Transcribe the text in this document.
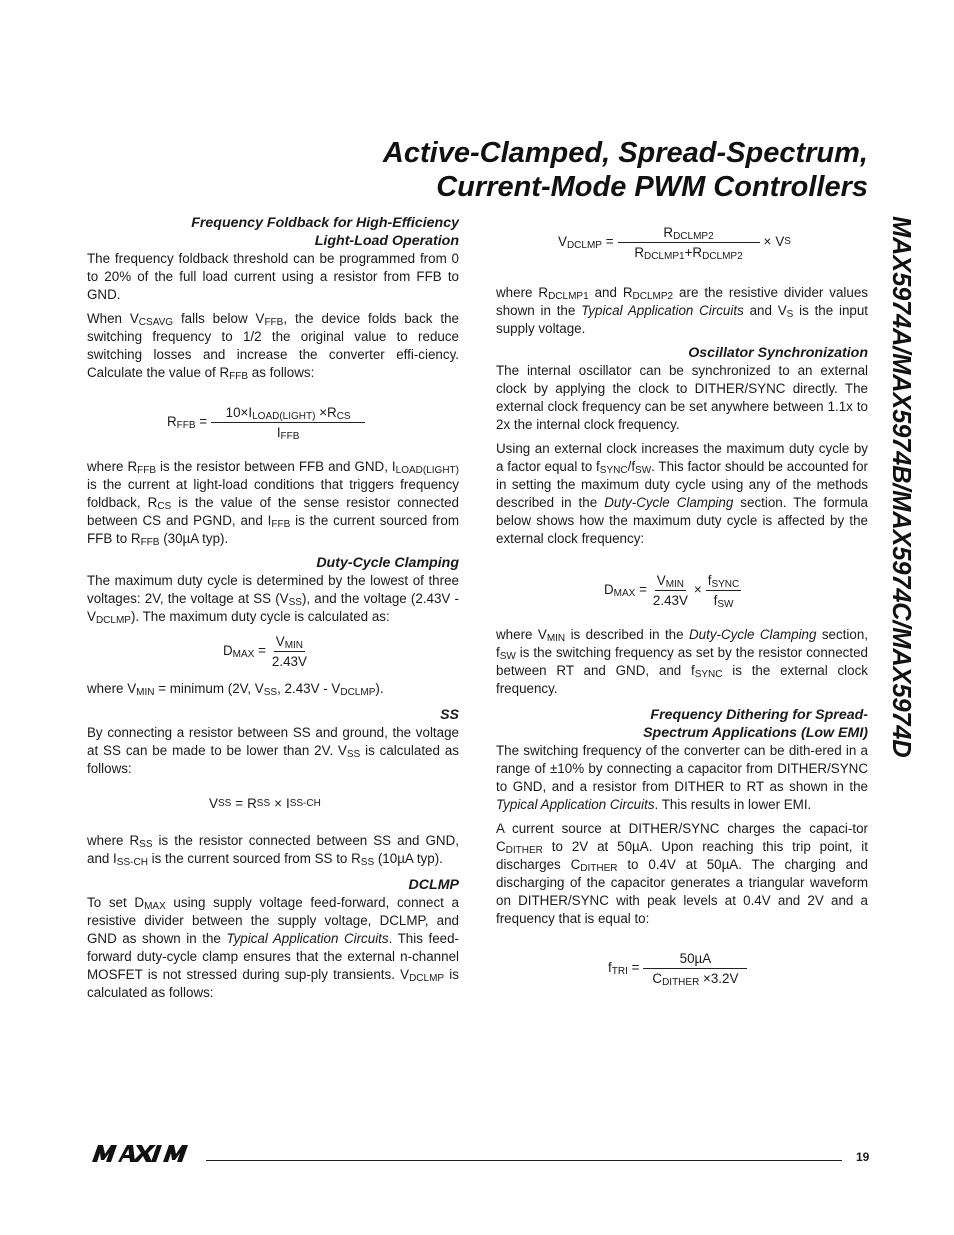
Active-Clamped, Spread-Spectrum,
Current-Mode PWM Controllers
MAX5974A/MAX5974B/MAX5974C/MAX5974D
Frequency Foldback for High-Efficiency
Light-Load Operation

The frequency foldback threshold can be programmed from 0 to 20% of the full load current using a resistor from FFB to GND.

When $V_{CSAVG}$ falls below $V_{FFB}$, the device folds back the switching frequency to 1/2 the original value to reduce switching losses and increase the converter effi-ciency. Calculate the value of $R_{FFB}$ as follows:

$R_{FFB} = \frac{10\times I_{LOAD(LIGHT)} \times R_{CS}}{I_{FFB}}$

where $R_{FFB}$ is the resistor between FFB and GND, $I_{LOAD(LIGHT)}$ is the current at light-load conditions that triggers frequency foldback, $R_{CS}$ is the value of the sense resistor connected between CS and PGND, and $I_{FFB}$ is the current sourced from FFB to $R_{FFB}$ (30µA typ).

Duty-Cycle Clamping

The maximum duty cycle is determined by the lowest of three voltages: 2V, the voltage at SS $(V_{SS})$, and the voltage $(2.43V - V_{DCLMP})$. The maximum duty cycle is calculated as:

$D_{MAX} = \frac{V_{MIN}}{2.43V}$

where $V_{MIN}$ = minimum (2V, $V_{SS}$, $2.43V - V_{DCLMP}$).

SS

By connecting a resistor between SS and ground, the voltage at SS can be made to be lower than 2V. $V_{SS}$ is calculated as follows:

V SS = R SS × I SS-CH

where $R_{SS}$ is the resistor connected between SS and GND, and $I_{SS-CH}$ is the current sourced from SS to $R_{SS}$ (10µA typ).

DCLMP

To set $D_{MAX}$ using supply voltage feed-forward, connect a resistive divider between the supply voltage, DCLMP, and GND as shown in the Typical Application Circuits. This feed-forward duty-cycle clamp ensures that the external n-channel MOSFET is not stressed during sup-ply transients. $V_{DCLMP}$ is calculated as follows:

$V_{DCLMP} = \frac{R_{DCLMP2}}{R_{DCLMP1}+R_{DCLMP2}} \times V$ S

where $R_{DCLMP1}$ and $R_{DCLMP2}$ are the resistive divider values shown in the Typical Application Circuits and $V_S$ is the input supply voltage.

Oscillator Synchronization

The internal oscillator can be synchronized to an external clock by applying the clock to DITHER/SYNC directly. The external clock frequency can be set anywhere between 1.1x to 2x the internal clock frequency.

Using an external clock increases the maximum duty cycle by a factor equal to $f_{SYNC}/f_{SW}$. This factor should be accounted for in setting the maximum duty cycle using any of the methods described in the Duty-Cycle Clamping section. The formula below shows how the maximum duty cycle is affected by the external clock frequency:

$D_{MAX} = \frac{V_{MIN}}{2.43V} \times \frac{f_{SYNC}}{f_{SW}}$

where $V_{MIN}$ is described in the Duty-Cycle Clamping section, $f_{SW}$ is the switching frequency as set by the resistor connected between RT and GND, and $f_{SYNC}$ is the external clock frequency.

Frequency Dithering for Spread-
Spectrum Applications (Low EMI)

The switching frequency of the converter can be dith-ered in a range of ±10% by connecting a capacitor from DITHER/SYNC to GND, and a resistor from DITHER to RT as shown in the Typical Application Circuits. This results in lower EMI.

A current source at DITHER/SYNC charges the capaci-tor $C_{DITHER}$ to 2V at 50µA. Upon reaching this trip point, it discharges $C_{DITHER}$ to 0.4V at 50µA. The charging and discharging of the capacitor generates a triangular waveform on DITHER/SYNC with peak levels at 0.4V and 2V and a frequency that is equal to:

$f_{TRI} = \frac{\text{50µA}}{C_{DITHER} \times 3.2V}$
19
